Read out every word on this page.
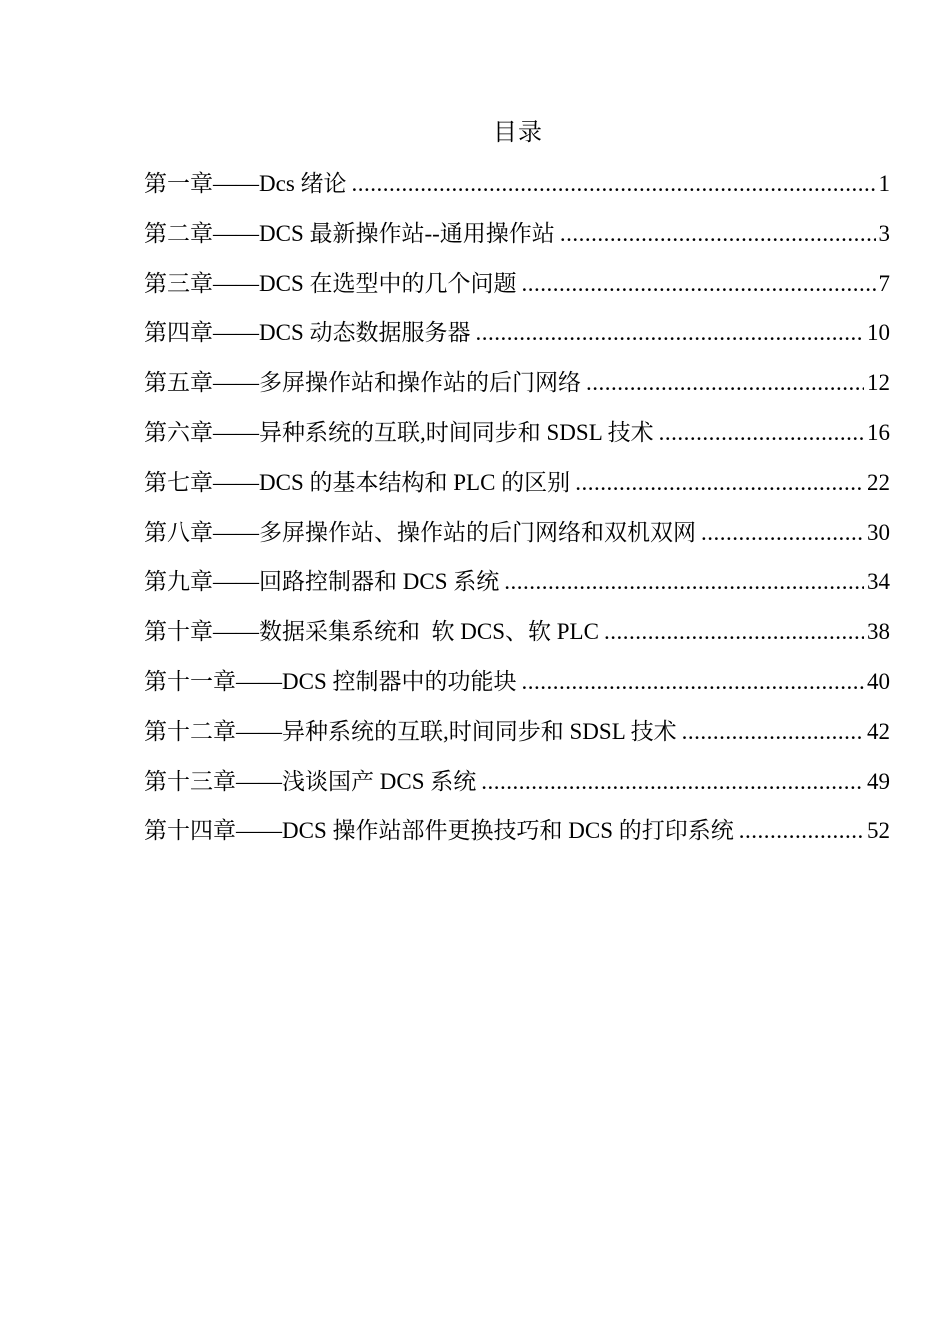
目录
第一章——Dcs 绪论 .....	1
第二章——DCS 最新操作站--通用操作站 .....	3
第三章——DCS 在选型中的几个问题 .....	7
第四章——DCS 动态数据服务器 .....	10
第五章——多屏操作站和操作站的后门网络 .....	12
第六章——异种系统的互联,时间同步和 SDSL 技术 .....	16
第七章——DCS 的基本结构和 PLC 的区别 .....	22
第八章——多屏操作站、操作站的后门网络和双机双网 .....	30
第九章——回路控制器和 DCS 系统 .....	34
第十章——数据采集系统和  软 DCS、软 PLC .....	38
第十一章——DCS 控制器中的功能块 .....	40
第十二章——异种系统的互联,时间同步和 SDSL 技术 .....	42
第十三章——浅谈国产 DCS 系统 .....	49
第十四章——DCS 操作站部件更换技巧和 DCS 的打印系统 .....	52
